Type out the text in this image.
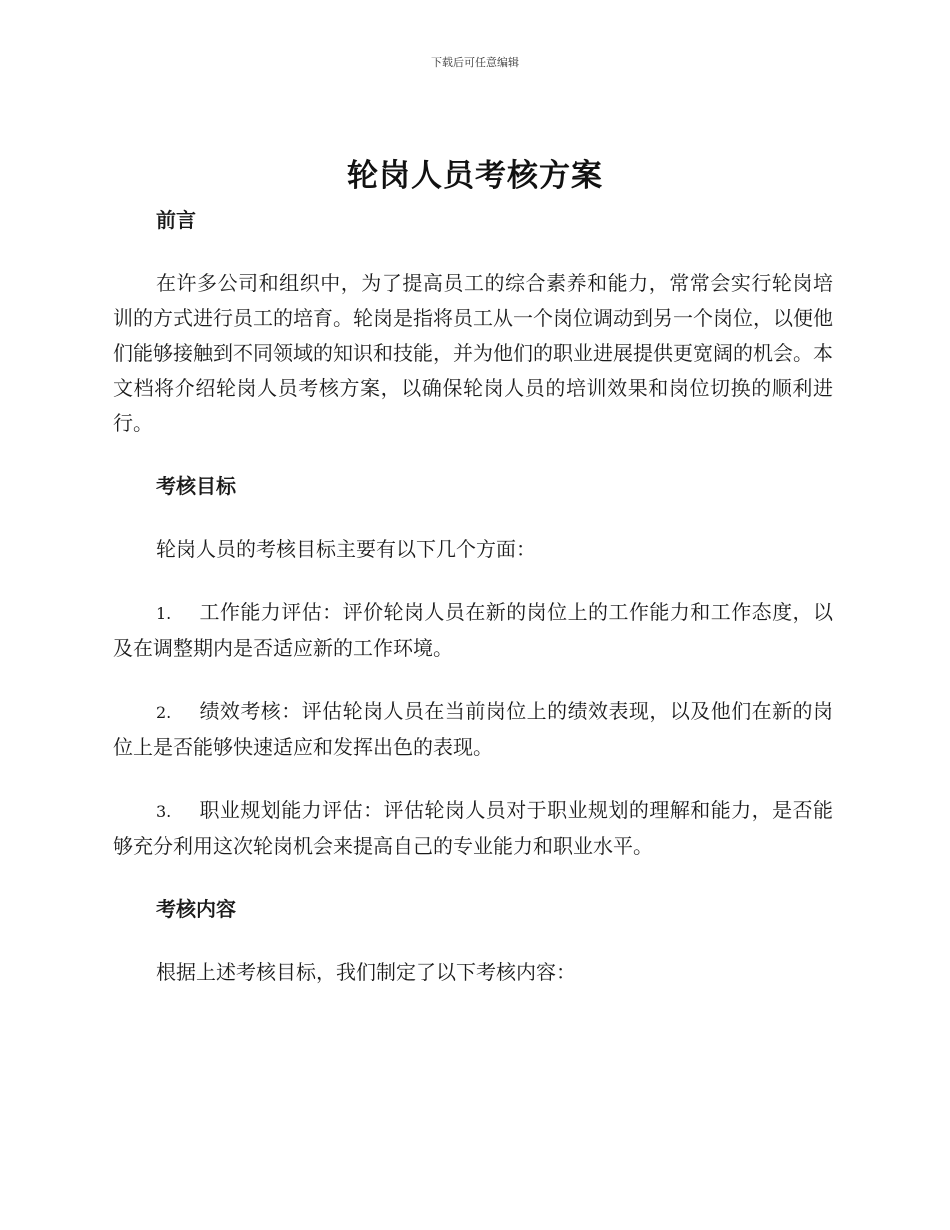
下载后可任意编辑
轮岗人员考核方案
前言

在许多公司和组织中，为了提高员工的综合素养和能力，常常会实行轮岗培训的方式进行员工的培育。轮岗是指将员工从一个岗位调动到另一个岗位，以便他们能够接触到不同领域的知识和技能，并为他们的职业进展提供更宽阔的机会。本文档将介绍轮岗人员考核方案，以确保轮岗人员的培训效果和岗位切换的顺利进行。

考核目标

轮岗人员的考核目标主要有以下几个方面：

1. 工作能力评估：评价轮岗人员在新的岗位上的工作能力和工作态度，以及在调整期内是否适应新的工作环境。

2. 绩效考核：评估轮岗人员在当前岗位上的绩效表现，以及他们在新的岗位上是否能够快速适应和发挥出色的表现。

3. 职业规划能力评估：评估轮岗人员对于职业规划的理解和能力，是否能够充分利用这次轮岗机会来提高自己的专业能力和职业水平。

考核内容

根据上述考核目标，我们制定了以下考核内容：
